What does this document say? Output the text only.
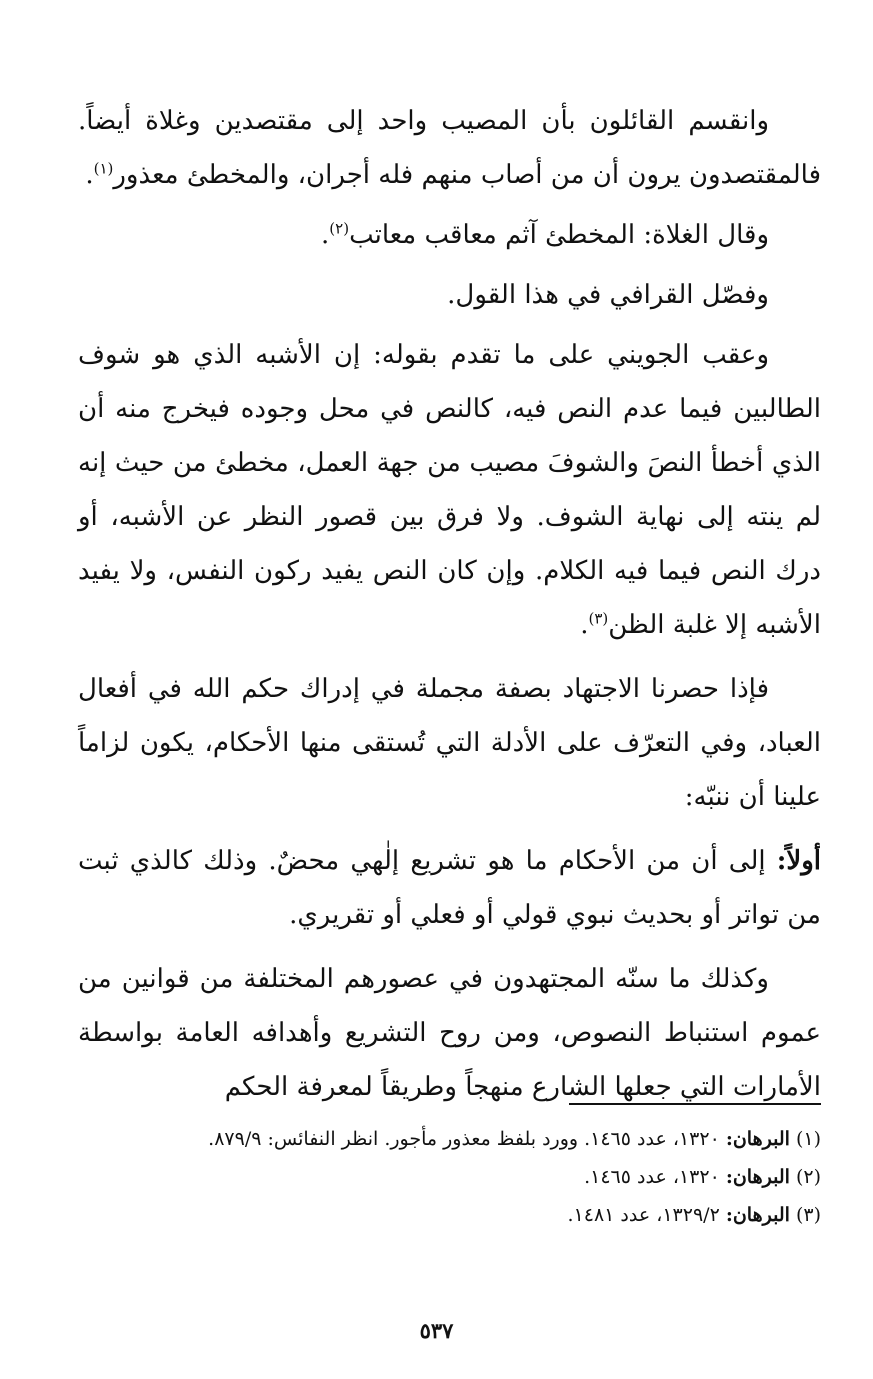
وانقسم القائلون بأن المصيب واحد إلى مقتصدين وغلاة أيضاً. فالمقتصدون يرون أن من أصاب منهم فله أجران، والمخطئ معذور$^{(١)}$.

وقال الغلاة: المخطئ آثم معاقب معاتب$^{(٢)}$.

وفصّل القرافي في هذا القول.

وعقب الجويني على ما تقدم بقوله: إن الأشبه الذي هو شوف الطالبين فيما عدم النص فيه، كالنص في محل وجوده فيخرج منه أن الذي أخطأ النصَ والشوفَ مصيب من جهة العمل، مخطئ من حيث إنه لم ينته إلى نهاية الشوف. ولا فرق بين قصور النظر عن الأشبه، أو درك النص فيما فيه الكلام. وإن كان النص يفيد ركون النفس، ولا يفيد الأشبه إلا غلبة الظن$^{(٣)}$.

فإذا حصرنا الاجتهاد بصفة مجملة في إدراك حكم الله في أفعال العباد، وفي التعرّف على الأدلة التي تُستقى منها الأحكام، يكون لزاماً علينا أن ننبّه:

أولاً: إلى أن من الأحكام ما هو تشريع إلٰهي محضٌ. وذلك كالذي ثبت من تواتر أو بحديث نبوي قولي أو فعلي أو تقريري.

وكذلك ما سنّه المجتهدون في عصورهم المختلفة من قوانين من عموم استنباط النصوص، ومن روح التشريع وأهدافه العامة بواسطة الأمارات التي جعلها الشارع منهجاً وطريقاً لمعرفة الحكم

(١) البرهان: ١٣٢٠، عدد ١٤٦٥. وورد بلفظ معذور مأجور. انظر النفائس: ٨٧٩/٩.

(٢) البرهان: ١٣٢٠، عدد ١٤٦٥.

(٣) البرهان: ١٣٢٩/٢، عدد ١٤٨١.

٥٣٧
